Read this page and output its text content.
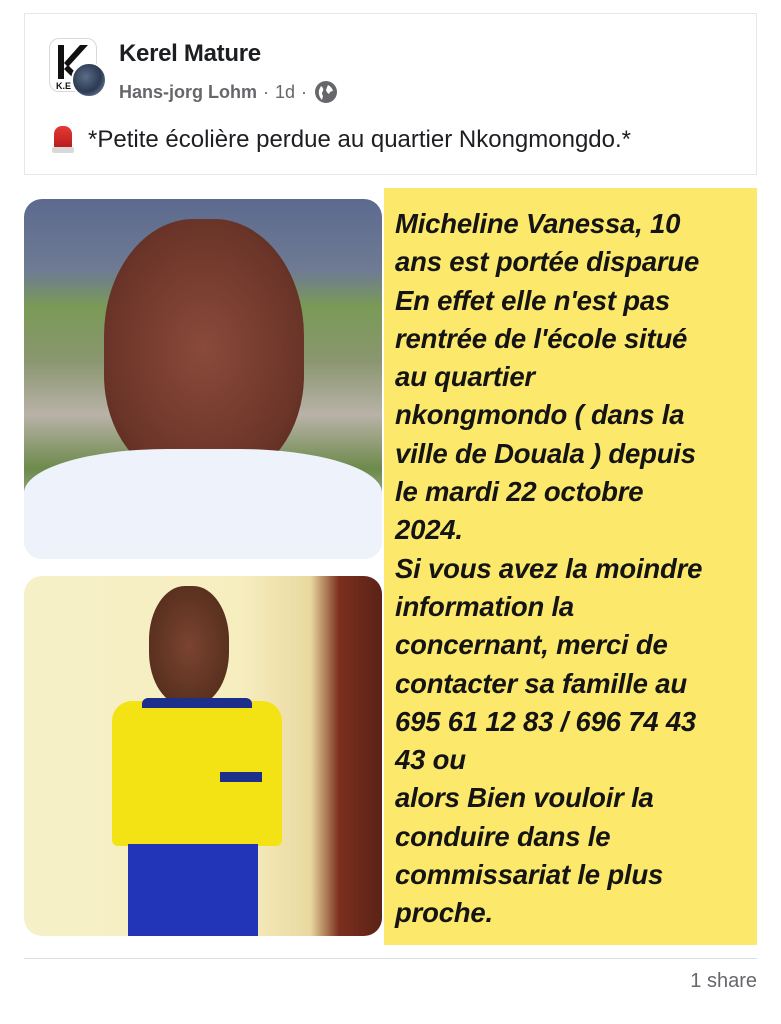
K.E
Kerel Mature
Hans-jorg Lohm · 1d ·
*Petite écolière perdue au quartier Nkongmongdo.*
Micheline Vanessa, 10
ans est portée disparue
En effet elle n'est pas
rentrée de l'école situé
au quartier
nkongmondo ( dans la
ville de Douala ) depuis
le mardi 22 octobre
2024.
Si vous avez la moindre
information la
concernant, merci de
contacter sa famille au
695 61 12 83 / 696 74 43
43 ou
alors Bien vouloir la
conduire dans le
commissariat le plus
proche.
1 share
